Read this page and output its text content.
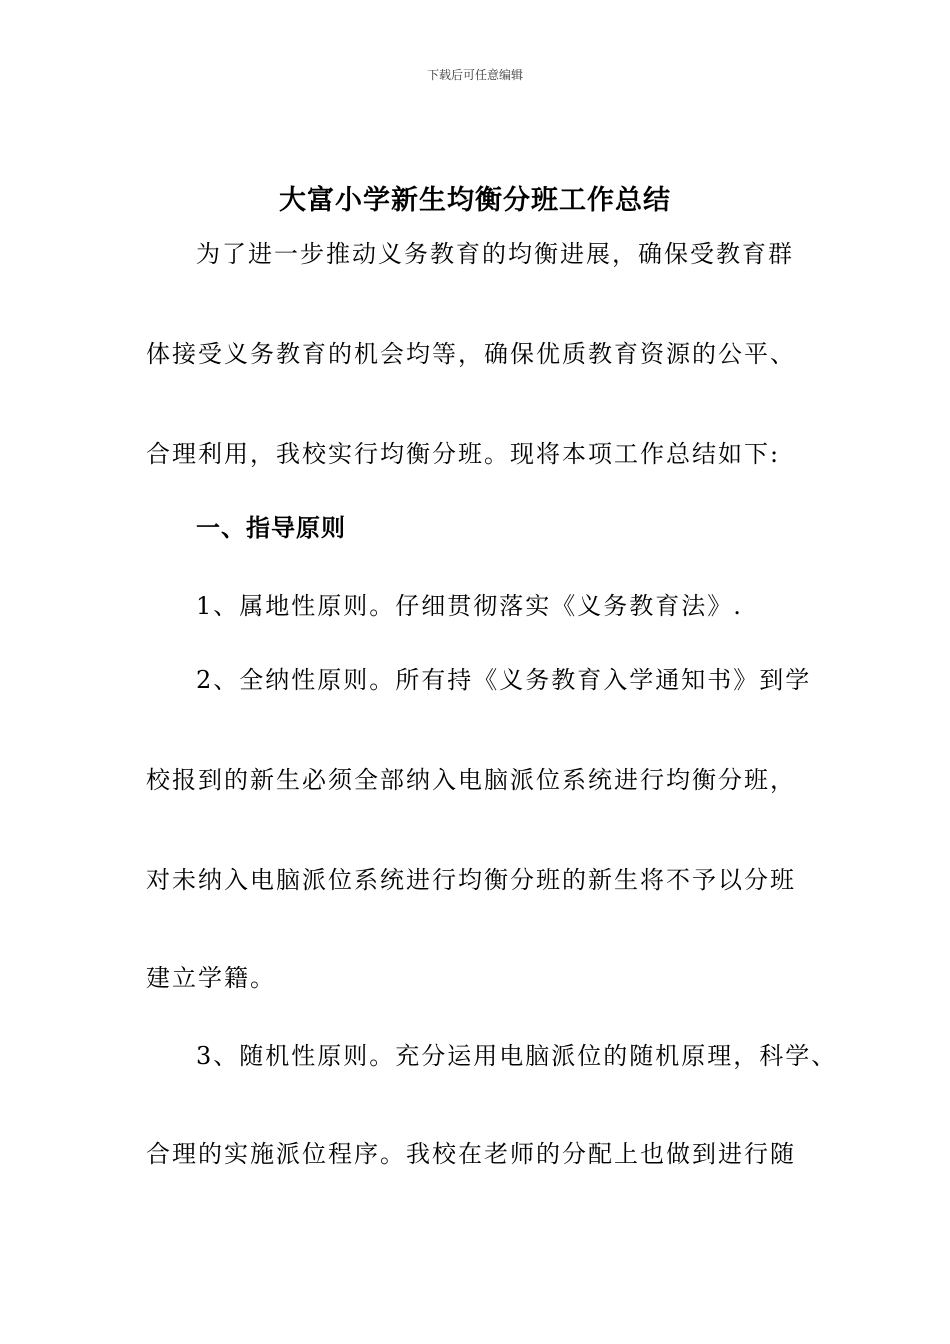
下载后可任意编辑
大富小学新生均衡分班工作总结
为了进一步推动义务教育的均衡进展，确保受教育群
体接受义务教育的机会均等，确保优质教育资源的公平、
合理利用，我校实行均衡分班。现将本项工作总结如下:
一、指导原则
1、属地性原则。仔细贯彻落实《义务教育法》.
2、全纳性原则。所有持《义务教育入学通知书》到学
校报到的新生必须全部纳入电脑派位系统进行均衡分班，
对未纳入电脑派位系统进行均衡分班的新生将不予以分班
建立学籍。
3、随机性原则。充分运用电脑派位的随机原理，科学、
合理的实施派位程序。我校在老师的分配上也做到进行随
